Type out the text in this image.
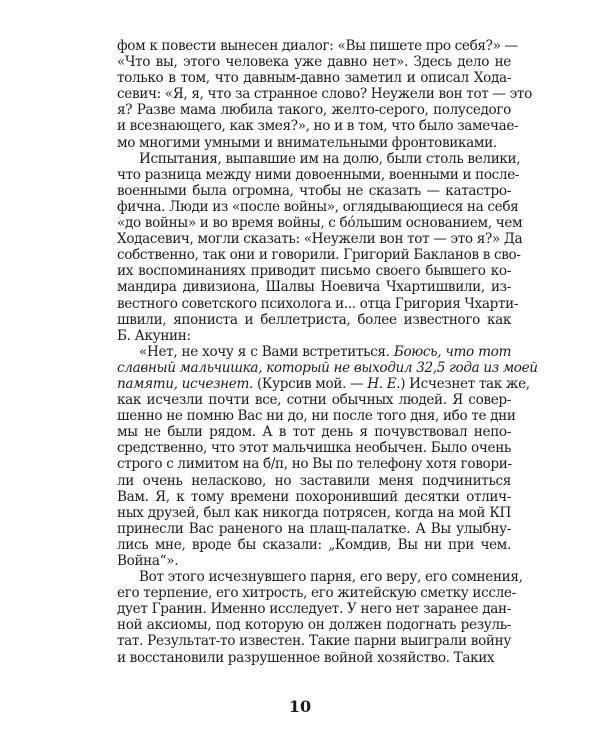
фом к повести вынесен диалог: «Вы пишете про себя?» —
«Что вы, этого человека уже давно нет». Здесь дело не
только в том, что давным-давно заметил и описал Хода-
севич: «Я, я, что за странное слово? Неужели вон тот — это
я? Разве мама любила такого, желто-серого, полуседого
и всезнающего, как змея?», но и в том, что было замечае-
мо многими умными и внимательными фронтовиками.
Испытания, выпавшие им на долю, были столь велики,
что разница между ними довоенными, военными и после-
военными была огромна, чтобы не сказать — катастро-
фична. Люди из «после войны», оглядывающиеся на себя
«до войны» и во время войны, с бóльшим основанием, чем
Ходасевич, могли сказать: «Неужели вон тот — это я?» Да
собственно, так они и говорили. Григорий Бакланов в сво-
их воспоминаниях приводит письмо своего бывшего ко-
мандира дивизиона, Шалвы Ноевича Чхартишвили, из-
вестного советского психолога и... отца Григория Чхарти-
швили, япониста и беллетриста, более известного как
Б. Акунин:
«Нет, не хочу я с Вами встретиться. Боюсь, что тот
славный мальчишка, который не выходил 32,5 года из моей
памяти, исчезнет. (Курсив мой. — Н. Е.) Исчезнет так же,
как исчезли почти все, сотни обычных людей. Я совер-
шенно не помню Вас ни до, ни после того дня, ибо те дни
мы не были рядом. А в тот день я почувствовал непо-
средственно, что этот мальчишка необычен. Было очень
строго с лимитом на б/п, но Вы по телефону хотя говори-
ли очень неласково, но заставили меня подчиниться
Вам. Я, к тому времени похоронивший десятки отлич-
ных друзей, был как никогда потрясен, когда на мой КП
принесли Вас раненого на плащ-палатке. А Вы улыбну-
лись мне, вроде бы сказали: „Комдив, Вы ни при чем.
Война“».
Вот этого исчезнувшего парня, его веру, его сомнения,
его терпение, его хитрость, его житейскую сметку иссле-
дует Гранин. Именно исследует. У него нет заранее дан-
ной аксиомы, под которую он должен подогнать резуль-
тат. Результат-то известен. Такие парни выиграли войну
и восстановили разрушенное войной хозяйство. Таких
10
